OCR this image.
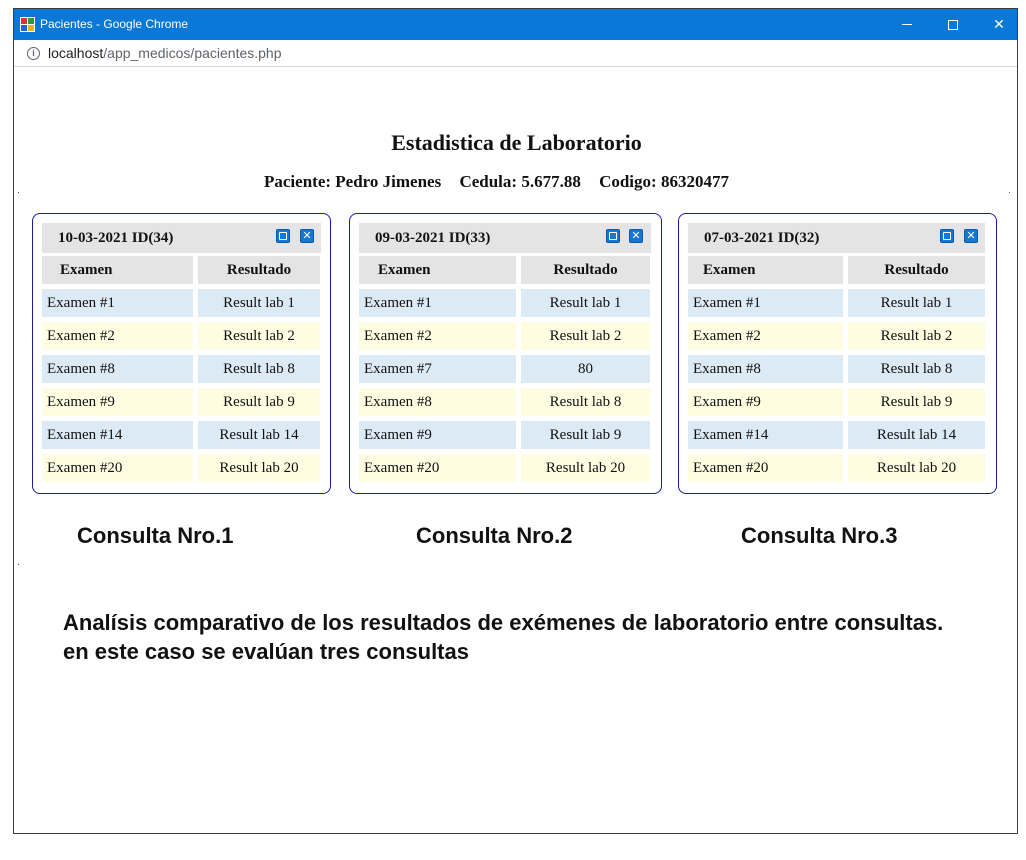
Pacientes - Google Chrome	✕
i localhost/app_medicos/pacientes.php
Estadistica de Laboratorio
Paciente: Pedro Jimenes Cedula: 5.677.88 Codigo: 86320477
10-03-2021 ID(34)	✕
Examen	Resultado
Examen #1	Result lab 1
Examen #2	Result lab 2
Examen #8	Result lab 8
Examen #9	Result lab 9
Examen #14	Result lab 14
Examen #20	Result lab 20
09-03-2021 ID(33)	✕
Examen	Resultado
Examen #1	Result lab 1
Examen #2	Result lab 2
Examen #7	80
Examen #8	Result lab 8
Examen #9	Result lab 9
Examen #20	Result lab 20
07-03-2021 ID(32)	✕
Examen	Resultado
Examen #1	Result lab 1
Examen #2	Result lab 2
Examen #8	Result lab 8
Examen #9	Result lab 9
Examen #14	Result lab 14
Examen #20	Result lab 20
Consulta Nro.1	Consulta Nro.2	Consulta Nro.3
Analísis comparativo de los resultados de exémenes de laboratorio entre consultas. en este caso se evalúan tres consultas
